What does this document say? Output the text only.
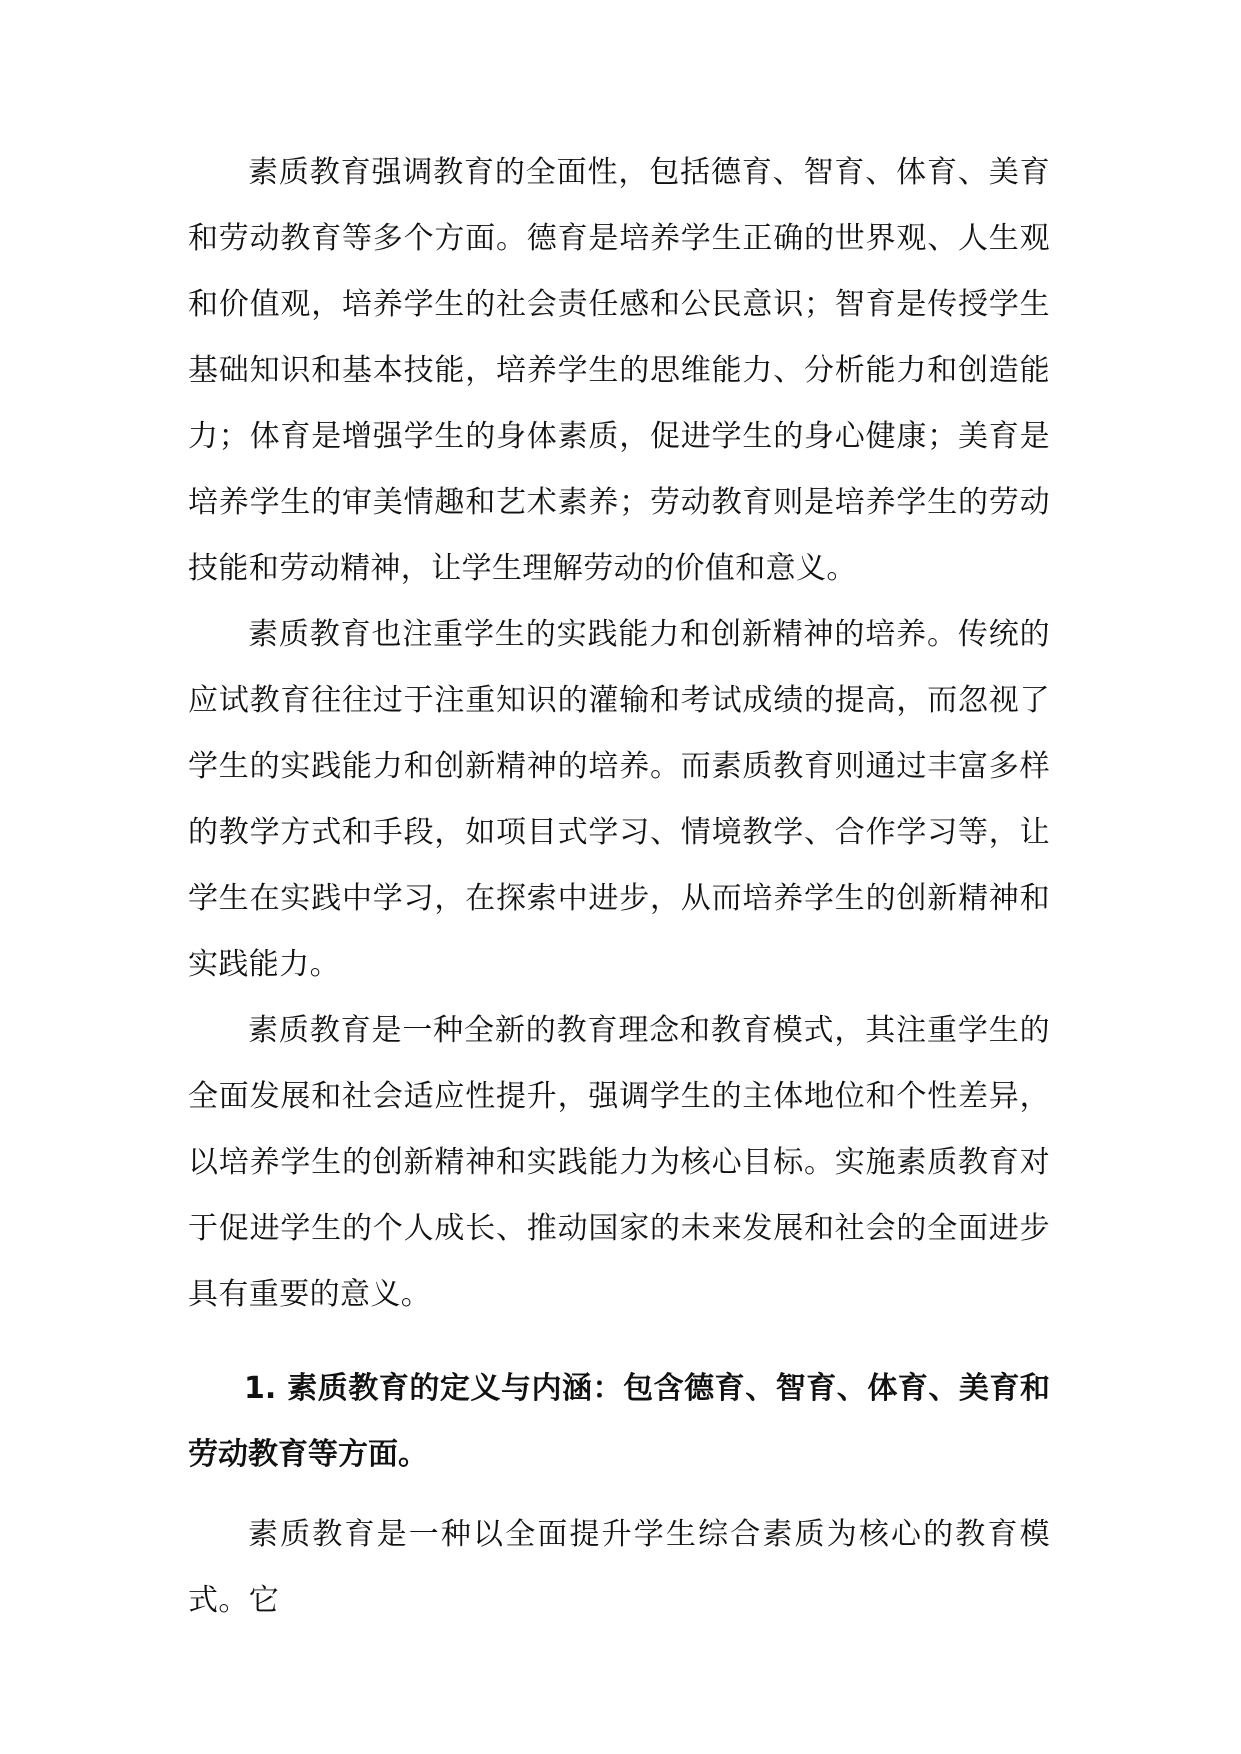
素质教育强调教育的全面性，包括德育、智育、体育、美育和劳动教育等多个方面。德育是培养学生正确的世界观、人生观和价值观，培养学生的社会责任感和公民意识；智育是传授学生基础知识和基本技能，培养学生的思维能力、分析能力和创造能力；体育是增强学生的身体素质，促进学生的身心健康；美育是培养学生的审美情趣和艺术素养；劳动教育则是培养学生的劳动技能和劳动精神，让学生理解劳动的价值和意义。

素质教育也注重学生的实践能力和创新精神的培养。传统的应试教育往往过于注重知识的灌输和考试成绩的提高，而忽视了学生的实践能力和创新精神的培养。而素质教育则通过丰富多样的教学方式和手段，如项目式学习、情境教学、合作学习等，让学生在实践中学习，在探索中进步，从而培养学生的创新精神和实践能力。

素质教育是一种全新的教育理念和教育模式，其注重学生的全面发展和社会适应性提升，强调学生的主体地位和个性差异，以培养学生的创新精神和实践能力为核心目标。实施素质教育对于促进学生的个人成长、推动国家的未来发展和社会的全面进步具有重要的意义。

1. 素质教育的定义与内涵：包含德育、智育、体育、美育和劳动教育等方面。

素质教育是一种以全面提升学生综合素质为核心的教育模式。它
